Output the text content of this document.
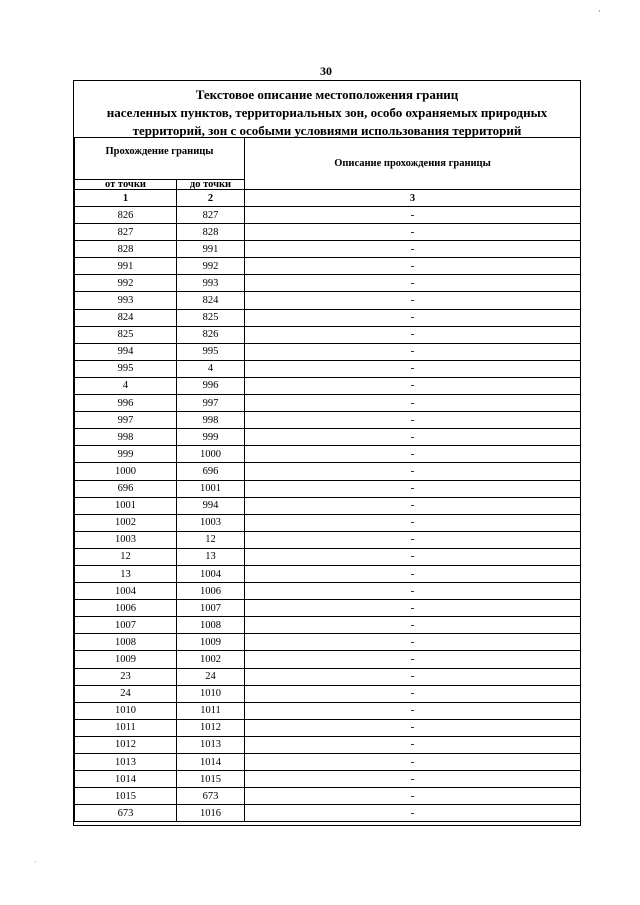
·
30
Текстовое описание местоположения границ
населенных пунктов, территориальных зон, особо охраняемых природных
территорий, зон с особыми условиями использования территорий
Прохождение границы		Описание прохождения границы
от точки	до точки	
1	2	3
826	827	-
827	828	-
828	991	-
991	992	-
992	993	-
993	824	-
824	825	-
825	826	-
994	995	-
995	4	-
4	996	-
996	997	-
997	998	-
998	999	-
999	1000	-
1000	696	-
696	1001	-
1001	994	-
1002	1003	-
1003	12	-
12	13	-
13	1004	-
1004	1006	-
1006	1007	-
1007	1008	-
1008	1009	-
1009	1002	-
23	24	-
24	1010	-
1010	1011	-
1011	1012	-
1012	1013	-
1013	1014	-
1014	1015	-
1015	673	-
673	1016	-
·
